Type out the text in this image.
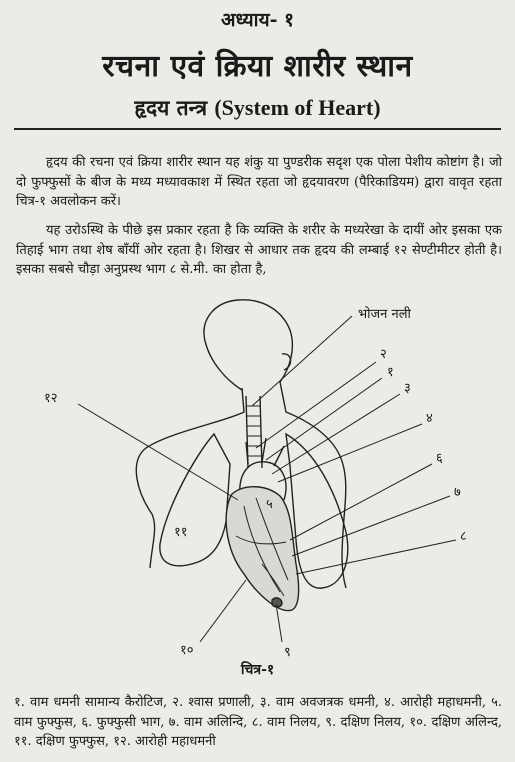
अध्याय- १
रचना एवं क्रिया शारीर स्थान
हृदय तन्त्र (System of Heart)

हृदय की रचना एवं क्रिया शारीर स्थान यह शंकु या पुण्डरीक सदृश एक पोला पेशीय कोष्टांग है। जो दो फुफ्फुसों के बीज के मध्य मध्यावकाश में स्थित रहता जो हृदयावरण (पैरिकाडियम) द्वारा वावृत रहता चित्र-१ अवलोकन करें।

यह उरोऽस्थि के पीछे इस प्रकार रहता है कि व्यक्ति के शरीर के मध्यरेखा के दायीं ओर इसका एक तिहाई भाग तथा शेष बाँयीं ओर रहता है। शिखर से आधार तक हृदय की लम्बाई १२ सेण्टीमीटर होती है। इसका सबसे चौड़ा अनुप्रस्थ भाग ८ से.मी. का होता है,

भोजन नली
२
१
३
४
५
६
७
८
९
१०
११
१२
चित्र-१

१. वाम धमनी सामान्य कैरोटिज, २. श्वास प्रणाली, ३. वाम अवजत्रक धमनी, ४. आरोही महाधमनी, ५. वाम फुफ्फुस, ६. फुफ्फुसी भाग, ७. वाम अलिन्दि, ८. वाम निलय, ९. दक्षिण निलय, १०. दक्षिण अलिन्द, ११. दक्षिण फुफ्फुस, १२. आरोही महाधमनी
